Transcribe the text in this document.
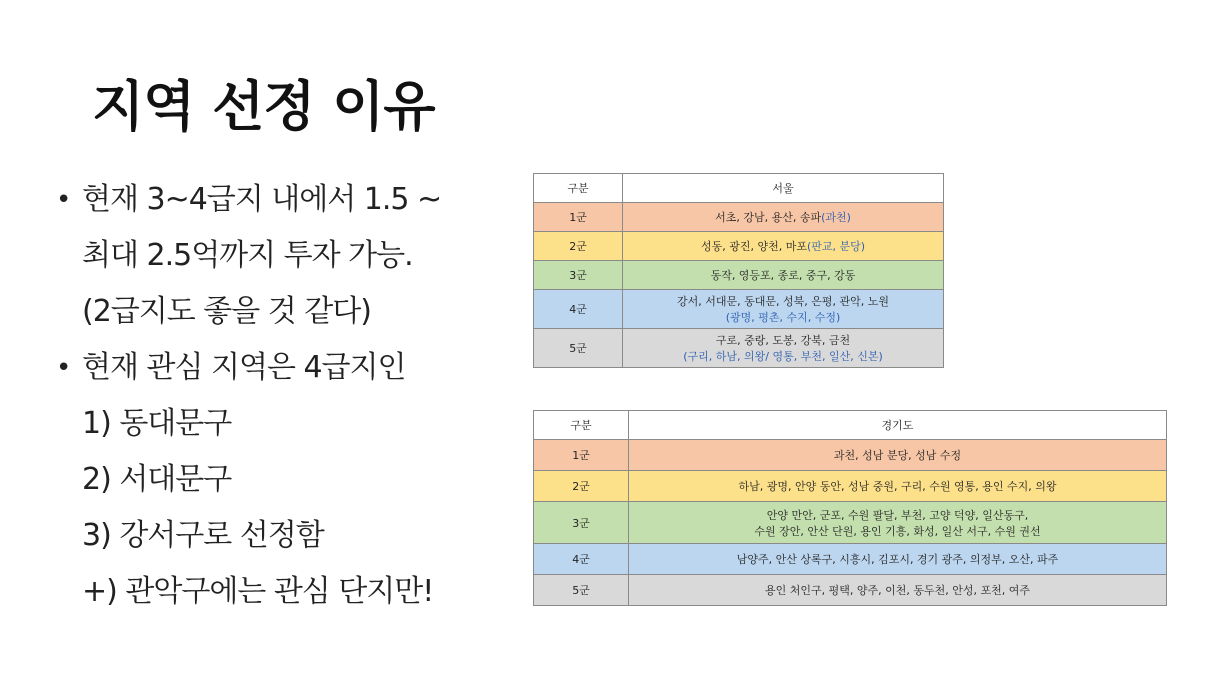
지역 선정 이유
• 현재 3~4급지 내에서 1.5 ~
최대 2.5억까지 투자 가능.
(2급지도 좋을 것 같다)
• 현재 관심 지역은 4급지인
1) 동대문구
2) 서대문구
3) 강서구로 선정함
+) 관악구에는 관심 단지만!
구분	서울
1군	서초, 강남, 용산, 송파(과천)
2군	성동, 광진, 양천, 마포(판교, 분당)
3군	동작, 영등포, 종로, 중구, 강동
4군	강서, 서대문, 동대문, 성북, 은평, 관악, 노원
(광명, 평촌, 수지, 수정)

5군	구로, 중랑, 도봉, 강북, 금천
(구리, 하남, 의왕/ 영통, 부천, 일산, 신본)
구분	경기도
1군	과천, 성남 분당, 성남 수정
2군	하남, 광명, 안양 동안, 성남 중원, 구리, 수원 영통, 용인 수지, 의왕
3군	안양 만안, 군포, 수원 팔달, 부천, 고양 덕양, 일산동구,
수원 장안, 안산 단원, 용인 기흥, 화성, 일산 서구, 수원 권선

4군	남양주, 안산 상록구, 시흥시, 김포시, 경기 광주, 의정부, 오산, 파주
5군	용인 처인구, 평택, 양주, 이천, 동두천, 안성, 포천, 여주
